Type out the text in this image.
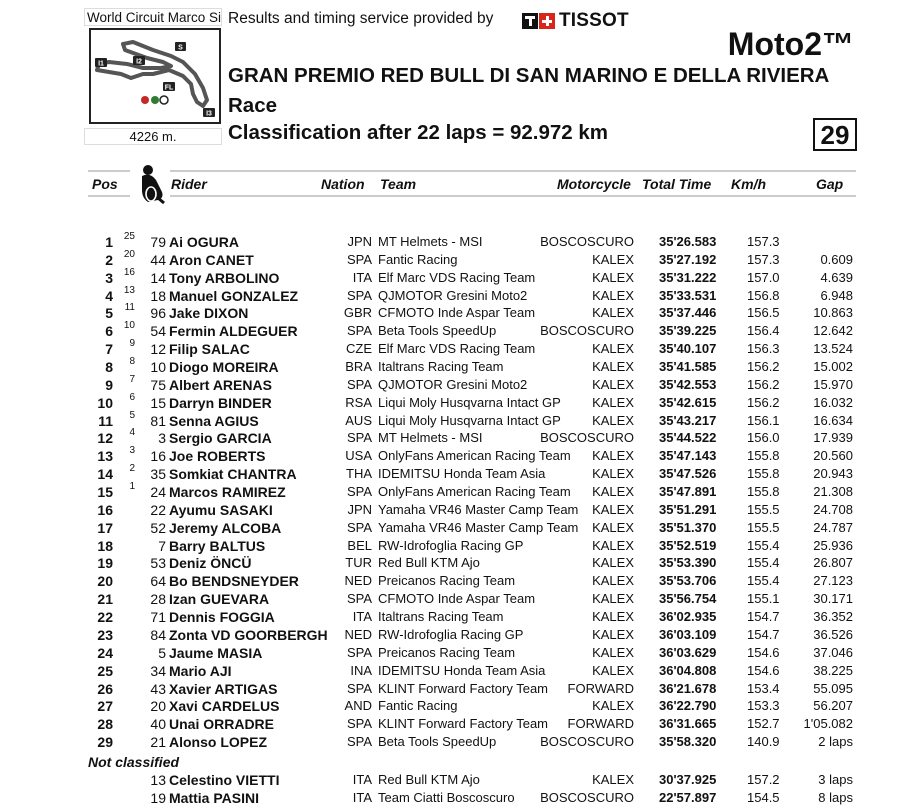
World Circuit Marco Si
I1	I2
S
FL
I3
4226 m.
Results and timing service provided by	TISSOT
Moto2™
GRAN PREMIO RED BULL DI SAN MARINO E DELLA RIVIERA
Race
Classification after 22 laps = 92.972 km	29
Pos	Rider	Nation Team	Motorcycle Total Time Km/h	Gap
1	25 79 Ai OGURA	JPN MT Helmets - MSI	BOSCOSCURO 35'26.583 157.3
2	20 44 Aron CANET	SPA Fantic Racing	KALEX 35'27.192 157.3	0.609
3	16 14 Tony ARBOLINO	ITA Elf Marc VDS Racing Team	KALEX 35'31.222 157.0	4.639
4	13 18 Manuel GONZALEZ	SPA QJMOTOR Gresini Moto2	KALEX 35'33.531 156.8	6.948
5	11 96 Jake DIXON	GBR CFMOTO Inde Aspar Team	KALEX 35'37.446 156.5	10.863
6	10 54 Fermin ALDEGUER	SPA Beta Tools SpeedUp	BOSCOSCURO 35'39.225 156.4	12.642
7	9 12 Filip SALAC	CZE Elf Marc VDS Racing Team	KALEX 35'40.107 156.3	13.524
8	8 10 Diogo MOREIRA	BRA Italtrans Racing Team	KALEX 35'41.585 156.2	15.002
9	7 75 Albert ARENAS	SPA QJMOTOR Gresini Moto2	KALEX 35'42.553 156.2	15.970
10	6 15 Darryn BINDER	RSA Liqui Moly Husqvarna Intact GP KALEX 35'42.615 156.2	16.032
11	5 81 Senna AGIUS	AUS Liqui Moly Husqvarna Intact GP KALEX 35'43.217 156.1	16.634
12	4 3 Sergio GARCIA	SPA MT Helmets - MSI	BOSCOSCURO 35'44.522 156.0	17.939
13	3 16 Joe ROBERTS	USA OnlyFans American Racing Team KALEX 35'47.143 155.8	20.560
14	2 35 Somkiat CHANTRA	THA IDEMITSU Honda Team Asia	KALEX 35'47.526 155.8	20.943
15	1 24 Marcos RAMIREZ	SPA OnlyFans American Racing Team KALEX 35'47.891 155.8	21.308
16	22 Ayumu SASAKI	JPN Yamaha VR46 Master Camp Team KALEX 35'51.291 155.5	24.708
17	52 Jeremy ALCOBA	SPA Yamaha VR46 Master Camp Team KALEX 35'51.370 155.5	24.787
18	7 Barry BALTUS	BEL RW-Idrofoglia Racing GP	KALEX 35'52.519 155.4	25.936
19	53 Deniz ÖNCÜ	TUR Red Bull KTM Ajo	KALEX 35'53.390 155.4	26.807
20	64 Bo BENDSNEYDER	NED Preicanos Racing Team	KALEX 35'53.706 155.4	27.123
21	28 Izan GUEVARA	SPA CFMOTO Inde Aspar Team	KALEX 35'56.754 155.1	30.171
22	71 Dennis FOGGIA	ITA Italtrans Racing Team	KALEX 36'02.935 154.7	36.352
23	84 Zonta VD GOORBERGH NED RW-Idrofoglia Racing GP	KALEX 36'03.109 154.7	36.526
24	5 Jaume MASIA	SPA Preicanos Racing Team	KALEX 36'03.629 154.6	37.046
25	34 Mario AJI	INA IDEMITSU Honda Team Asia	KALEX 36'04.808 154.6	38.225
26	43 Xavier ARTIGAS	SPA KLINT Forward Factory Team FORWARD 36'21.678 153.4	55.095
27	20 Xavi CARDELUS	AND Fantic Racing	KALEX 36'22.790 153.3	56.207
28	40 Unai ORRADRE	SPA KLINT Forward Factory Team FORWARD 36'31.665 152.7 1'05.082
29	21 Alonso LOPEZ	SPA Beta Tools SpeedUp	BOSCOSCURO 35'58.320 140.9	2 laps
Not classified
13 Celestino VIETTI	ITA Red Bull KTM Ajo	KALEX 30'37.925 157.2	3 laps
19 Mattia PASINI	ITA Team Ciatti Boscoscuro BOSCOSCURO 22'57.897 154.5	8 laps
